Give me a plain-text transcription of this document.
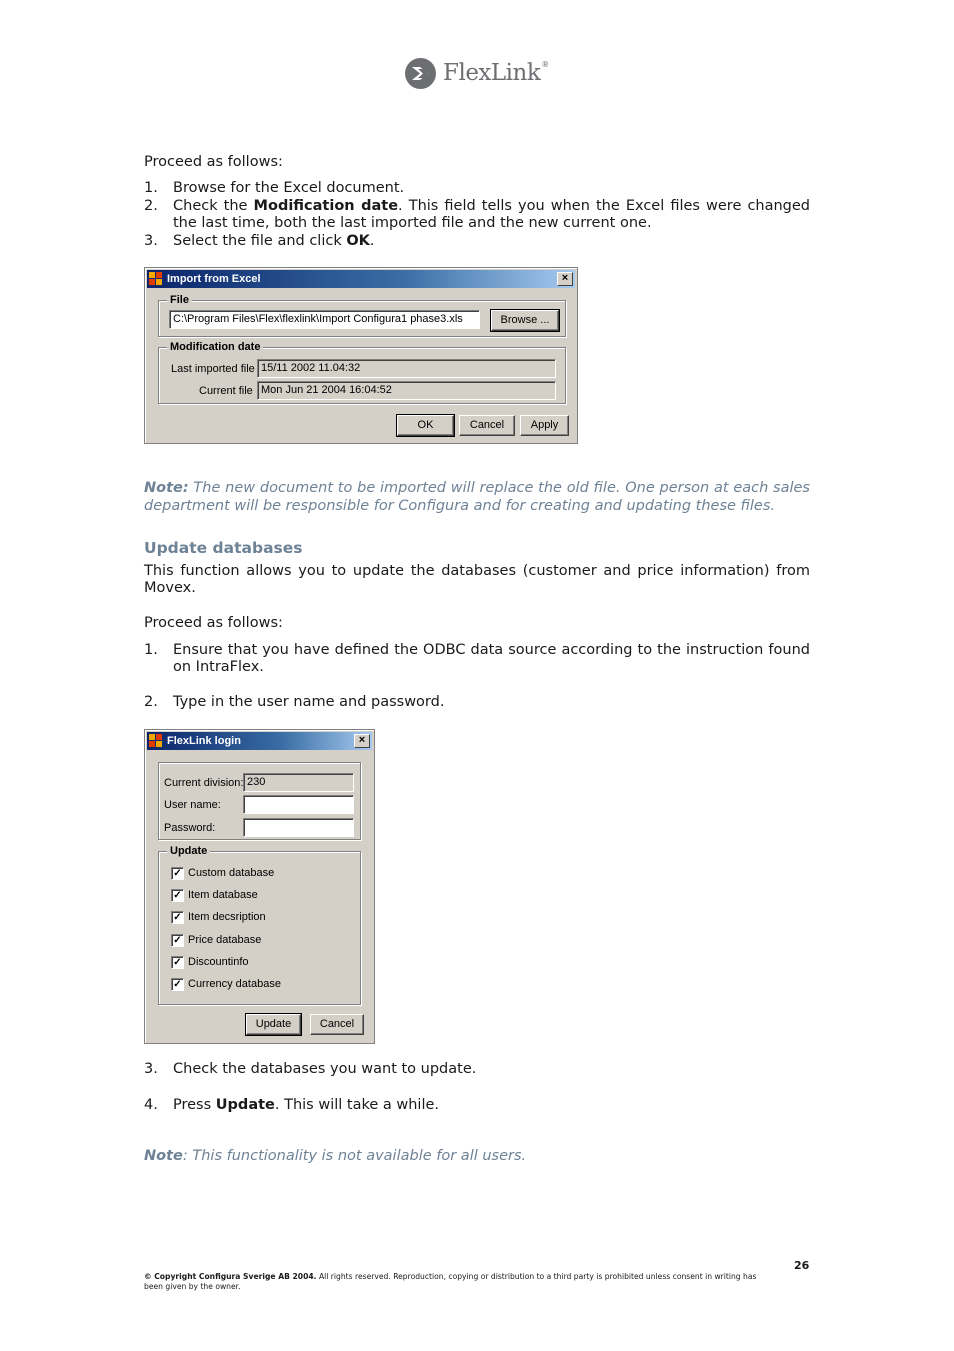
FlexLink ®
Proceed as follows:
1.	Browse for the Excel document.
2.	Check the Modification date. This field tells you when the Excel files were changed the last time, both the last imported file and the new current one.
3.	Select the file and click OK.
Import from Excel	×
File
C:\Program Files\Flex\flexlink\Import Configura1 phase3.xls	Browse ...
Modification date
Last imported file 15/11 2002 11.04:32
Current file Mon Jun 21 2004 16:04:52
OK	Cancel	Apply
Note: The new document to be imported will replace the old file. One person at each sales department will be responsible for Configura and for creating and updating these files.
Update databases
This function allows you to update the databases (customer and price information) from Movex.
Proceed as follows:
1.	Ensure that you have defined the ODBC data source according to the instruction found on IntraFlex.
2.	Type in the user name and password.
FlexLink login	×
Current division: 230
User name:
Password:
Update
✓ Custom database
✓ Item database
✓ Item decsription
✓ Price database
✓ Discountinfo
✓ Currency database
Update	Cancel
3.	Check the databases you want to update.
4.	Press Update. This will take a while.
Note: This functionality is not available for all users.
26
© Copyright Configura Sverige AB 2004. All rights reserved. Reproduction, copying or distribution to a third party is prohibited unless consent in writing has been given by the owner.
